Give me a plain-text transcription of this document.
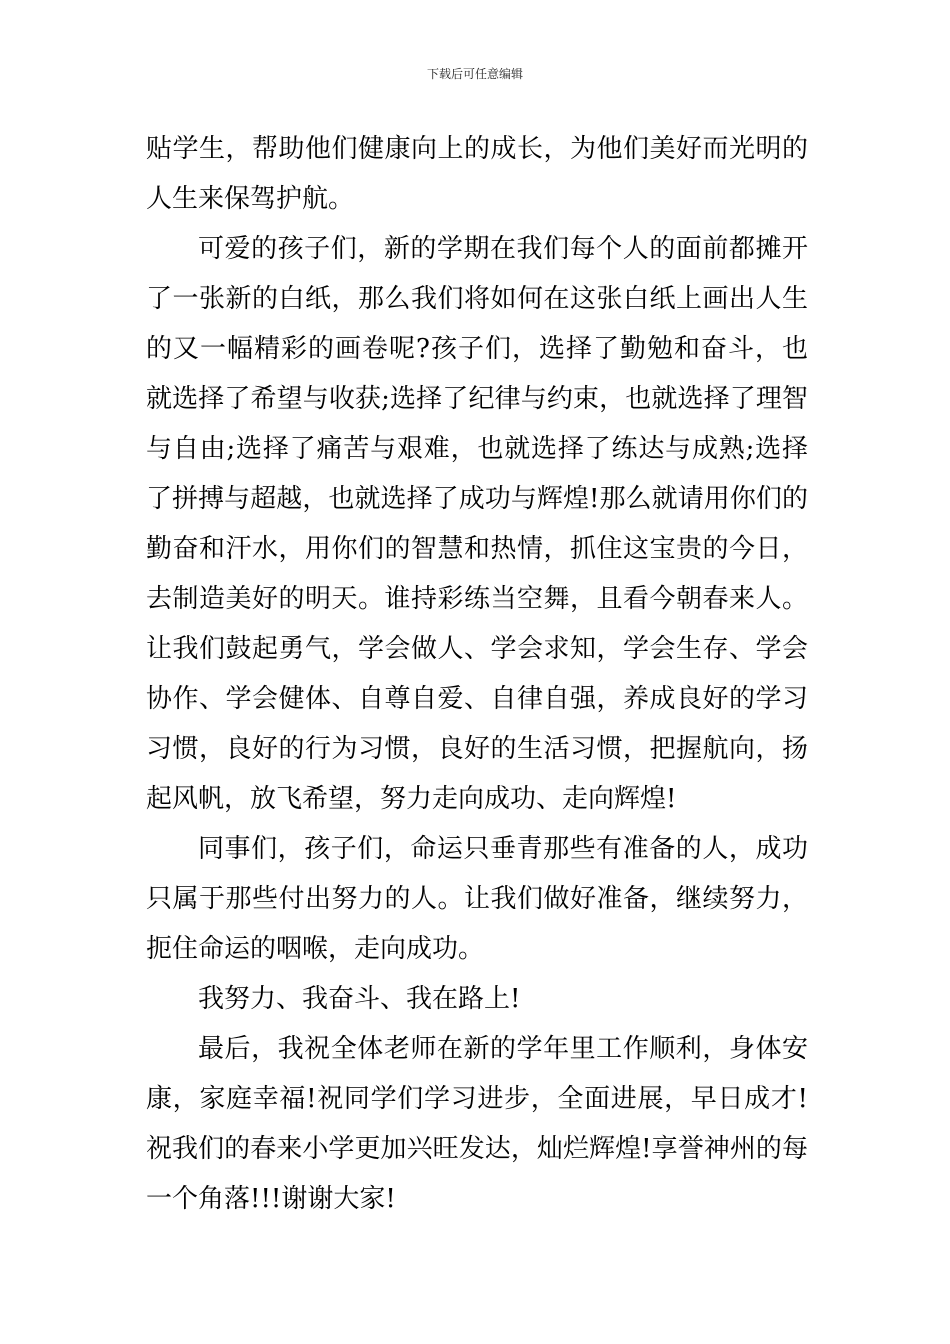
下载后可任意编辑

贴学生，帮助他们健康向上的成长，为他们美好而光明的人生来保驾护航。

可爱的孩子们，新的学期在我们每个人的面前都摊开了一张新的白纸，那么我们将如何在这张白纸上画出人生的又一幅精彩的画卷呢?孩子们，选择了勤勉和奋斗，也就选择了希望与收获;选择了纪律与约束，也就选择了理智与自由;选择了痛苦与艰难，也就选择了练达与成熟;选择了拼搏与超越，也就选择了成功与辉煌!那么就请用你们的勤奋和汗水，用你们的智慧和热情，抓住这宝贵的今日，去制造美好的明天。谁持彩练当空舞，且看今朝春来人。让我们鼓起勇气，学会做人、学会求知，学会生存、学会协作、学会健体、自尊自爱、自律自强，养成良好的学习习惯，良好的行为习惯，良好的生活习惯，把握航向，扬起风帆，放飞希望，努力走向成功、走向辉煌!

同事们，孩子们，命运只垂青那些有准备的人，成功只属于那些付出努力的人。让我们做好准备，继续努力，扼住命运的咽喉，走向成功。

我努力、我奋斗、我在路上!

最后，我祝全体老师在新的学年里工作顺利，身体安康，家庭幸福!祝同学们学习进步，全面进展，早日成才!祝我们的春来小学更加兴旺发达，灿烂辉煌!享誉神州的每一个角落!!!谢谢大家!
